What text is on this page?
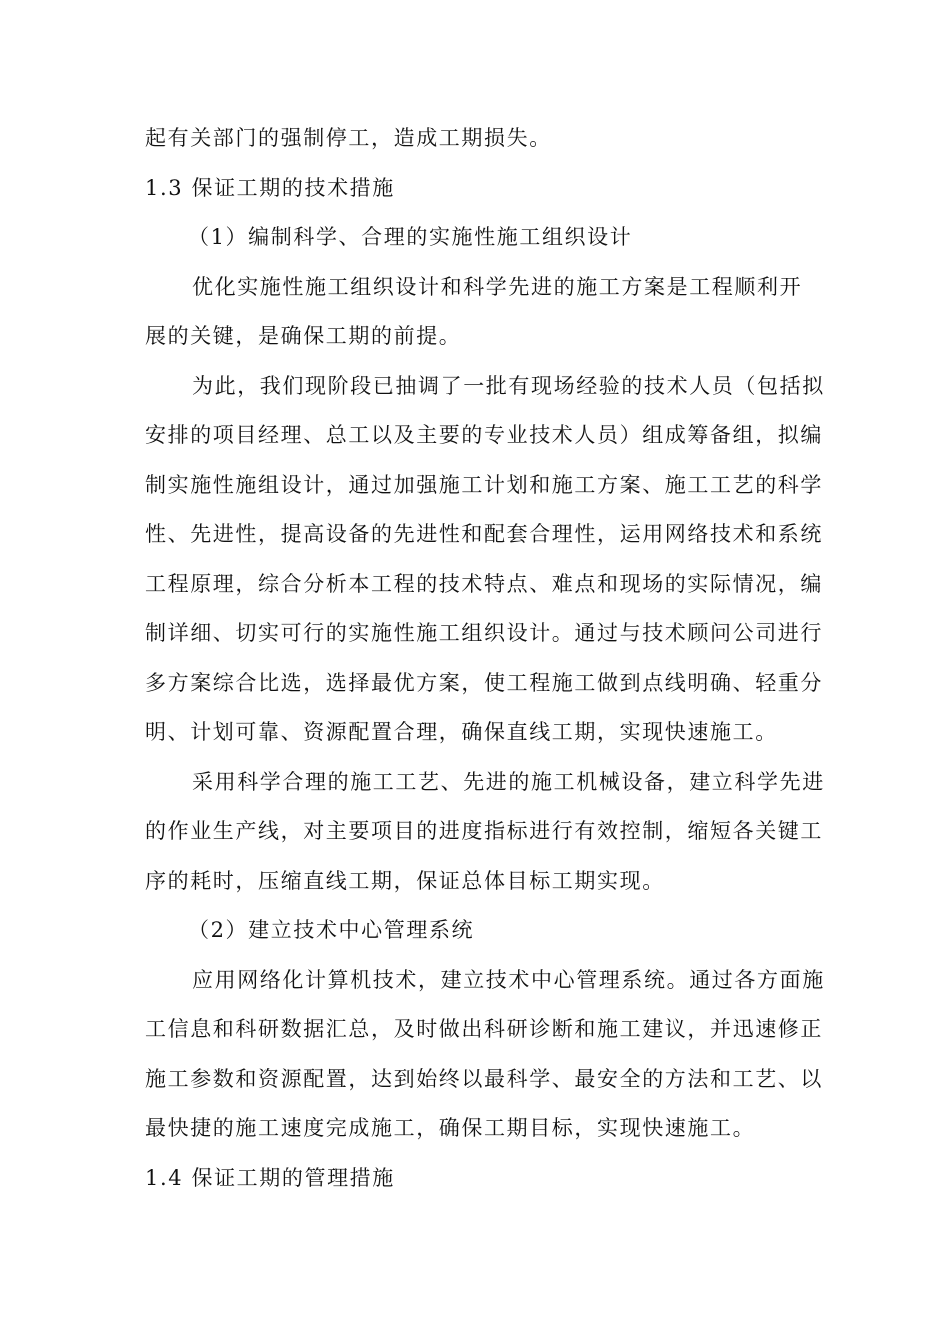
起有关部门的强制停工，造成工期损失。
1.3 保证工期的技术措施
（1）编制科学、合理的实施性施工组织设计
优化实施性施工组织设计和科学先进的施工方案是工程顺利开
展的关键，是确保工期的前提。
为此，我们现阶段已抽调了一批有现场经验的技术人员（包括拟
安排的项目经理、总工以及主要的专业技术人员）组成筹备组，拟编
制实施性施组设计，通过加强施工计划和施工方案、施工工艺的科学
性、先进性，提高设备的先进性和配套合理性，运用网络技术和系统
工程原理，综合分析本工程的技术特点、难点和现场的实际情况，编
制详细、切实可行的实施性施工组织设计。通过与技术顾问公司进行
多方案综合比选，选择最优方案，使工程施工做到点线明确、轻重分
明、计划可靠、资源配置合理，确保直线工期，实现快速施工。
采用科学合理的施工工艺、先进的施工机械设备，建立科学先进
的作业生产线，对主要项目的进度指标进行有效控制，缩短各关键工
序的耗时，压缩直线工期，保证总体目标工期实现。
（2）建立技术中心管理系统
应用网络化计算机技术，建立技术中心管理系统。通过各方面施
工信息和科研数据汇总，及时做出科研诊断和施工建议，并迅速修正
施工参数和资源配置，达到始终以最科学、最安全的方法和工艺、以
最快捷的施工速度完成施工，确保工期目标，实现快速施工。
1.4 保证工期的管理措施
